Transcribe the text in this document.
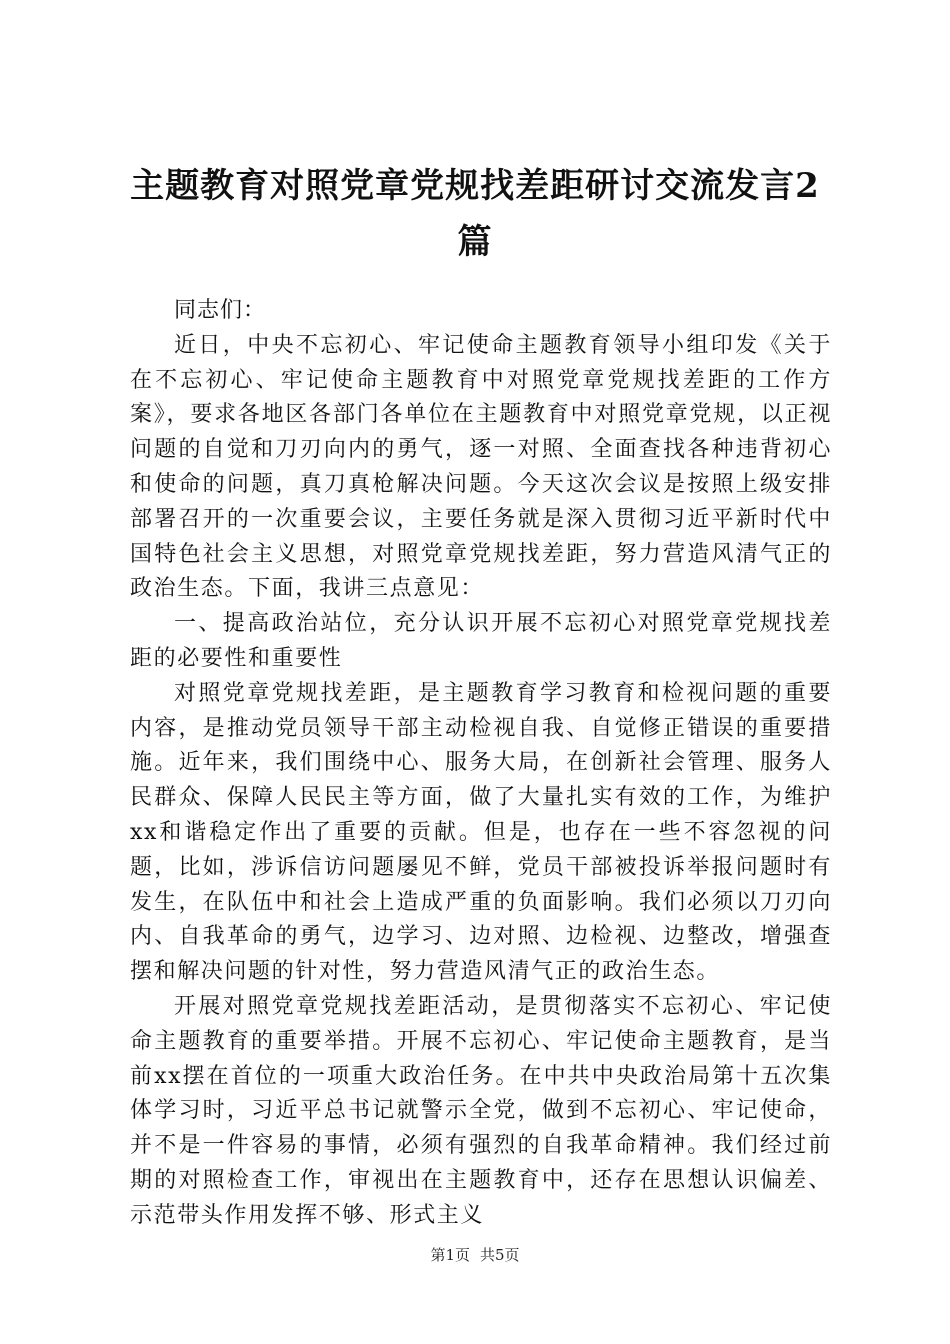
主题教育对照党章党规找差距研讨交流发言2篇

同志们：

近日，中央不忘初心、牢记使命主题教育领导小组印发《关于在不忘初心、牢记使命主题教育中对照党章党规找差距的工作方案》，要求各地区各部门各单位在主题教育中对照党章党规，以正视问题的自觉和刀刃向内的勇气，逐一对照、全面查找各种违背初心和使命的问题，真刀真枪解决问题。今天这次会议是按照上级安排部署召开的一次重要会议，主要任务就是深入贯彻习近平新时代中国特色社会主义思想，对照党章党规找差距，努力营造风清气正的政治生态。下面，我讲三点意见：

一、提高政治站位，充分认识开展不忘初心对照党章党规找差距的必要性和重要性

对照党章党规找差距，是主题教育学习教育和检视问题的重要内容，是推动党员领导干部主动检视自我、自觉修正错误的重要措施。近年来，我们围绕中心、服务大局，在创新社会管理、服务人民群众、保障人民民主等方面，做了大量扎实有效的工作，为维护xx和谐稳定作出了重要的贡献。但是，也存在一些不容忽视的问题，比如，涉诉信访问题屡见不鲜，党员干部被投诉举报问题时有发生，在队伍中和社会上造成严重的负面影响。我们必须以刀刃向内、自我革命的勇气，边学习、边对照、边检视、边整改，增强查摆和解决问题的针对性，努力营造风清气正的政治生态。

开展对照党章党规找差距活动，是贯彻落实不忘初心、牢记使命主题教育的重要举措。开展不忘初心、牢记使命主题教育，是当前xx摆在首位的一项重大政治任务。在中共中央政治局第十五次集体学习时，习近平总书记就警示全党，做到不忘初心、牢记使命，并不是一件容易的事情，必须有强烈的自我革命精神。我们经过前期的对照检查工作，审视出在主题教育中，还存在思想认识偏差、示范带头作用发挥不够、形式主义

第1页 共5页
